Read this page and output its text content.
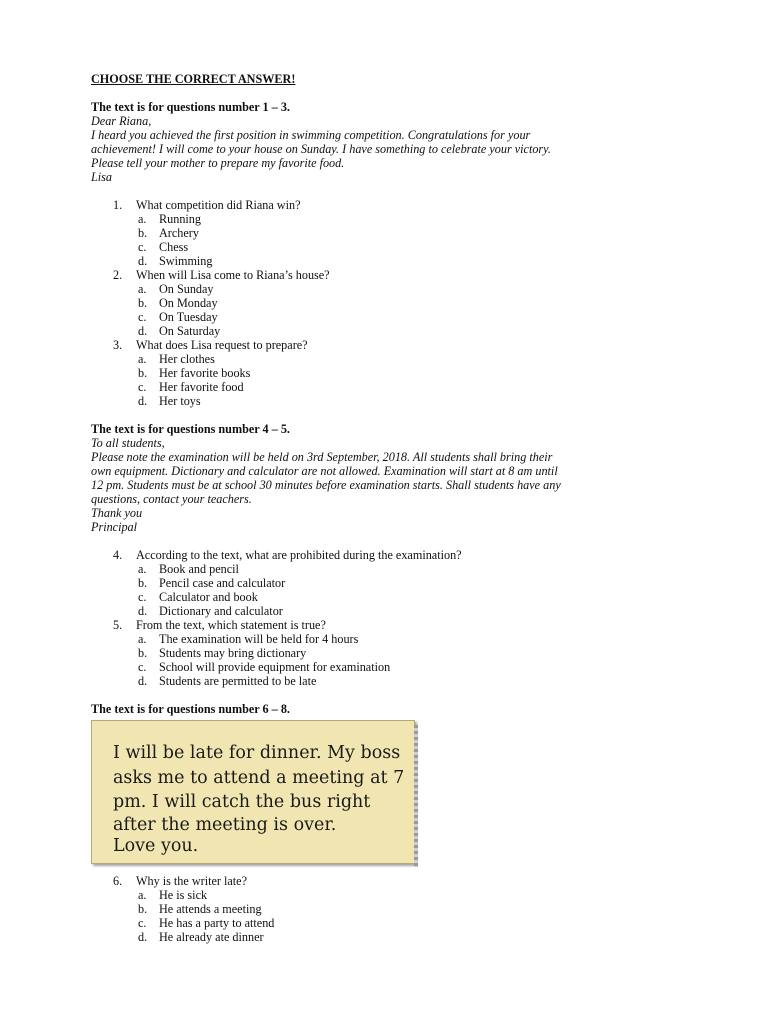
CHOOSE THE CORRECT ANSWER!
The text is for questions number 1 – 3.

Dear Riana,

I heard you achieved the first position in swimming competition. Congratulations for your

achievement! I will come to your house on Sunday. I have something to celebrate your victory.

Please tell your mother to prepare my favorite food.

Lisa

1. What competition did Riana win?
a. Running
b. Archery
c. Chess
d. Swimming
2. When will Lisa come to Riana’s house?
a. On Sunday
b. On Monday
c. On Tuesday
d. On Saturday
3. What does Lisa request to prepare?
a. Her clothes
b. Her favorite books
c. Her favorite food
d. Her toys
The text is for questions number 4 – 5.

To all students,

Please note the examination will be held on 3rd September, 2018. All students shall bring their

own equipment. Dictionary and calculator are not allowed. Examination will start at 8 am until

12 pm. Students must be at school 30 minutes before examination starts. Shall students have any

questions, contact your teachers.

Thank you

Principal

4. According to the text, what are prohibited during the examination?
a. Book and pencil
b. Pencil case and calculator
c. Calculator and book
d. Dictionary and calculator
5. From the text, which statement is true?
a. The examination will be held for 4 hours
b. Students may bring dictionary
c. School will provide equipment for examination
d. Students are permitted to be late
The text is for questions number 6 – 8.
I will be late for dinner. My boss
asks me to attend a meeting at 7
pm. I will catch the bus right
after the meeting is over.
Love you.
6. Why is the writer late?
a. He is sick
b. He attends a meeting
c. He has a party to attend
d. He already ate dinner
